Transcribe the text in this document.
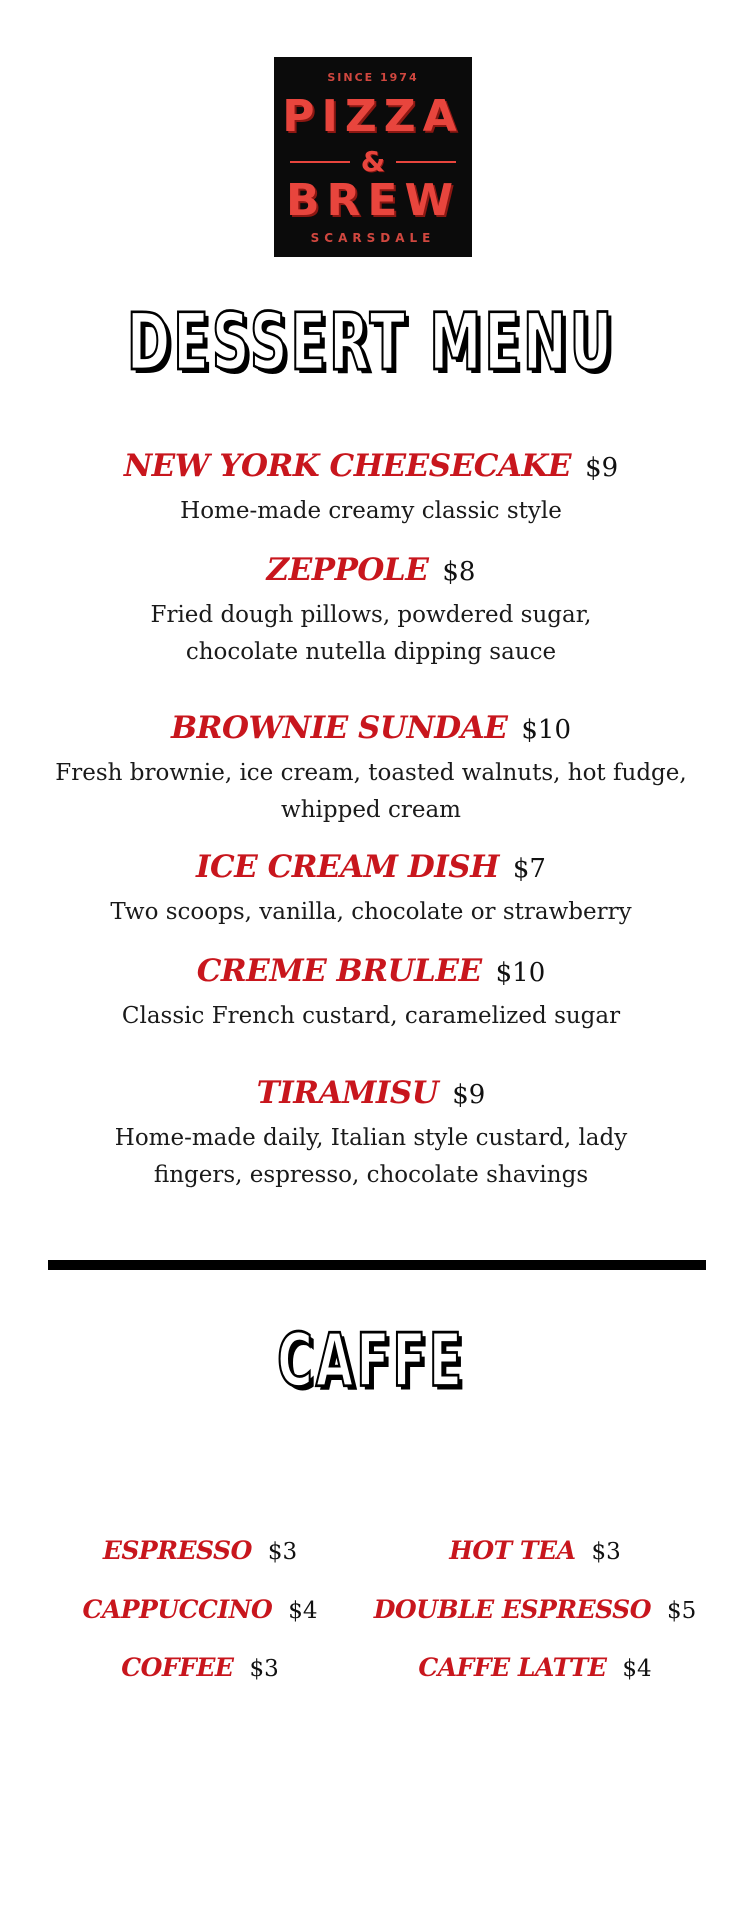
SINCE 1974
PIZZA
&
BREW
SCARSDALE
DESSERT MENU
NEW YORK CHEESECAKE $9
Home-made creamy classic style
ZEPPOLE $8
Fried dough pillows, powdered sugar, chocolate nutella dipping sauce
BROWNIE SUNDAE $10
Fresh brownie, ice cream, toasted walnuts, hot fudge, whipped cream
ICE CREAM DISH $7
Two scoops, vanilla, chocolate or strawberry
CREME BRULEE $10
Classic French custard, caramelized sugar
TIRAMISU $9
Home-made daily, Italian style custard, lady fingers, espresso, chocolate shavings
CAFFE
ESPRESSO $3
CAPPUCCINO $4
COFFEE $3
HOT TEA $3
DOUBLE ESPRESSO $5
CAFFE LATTE $4
